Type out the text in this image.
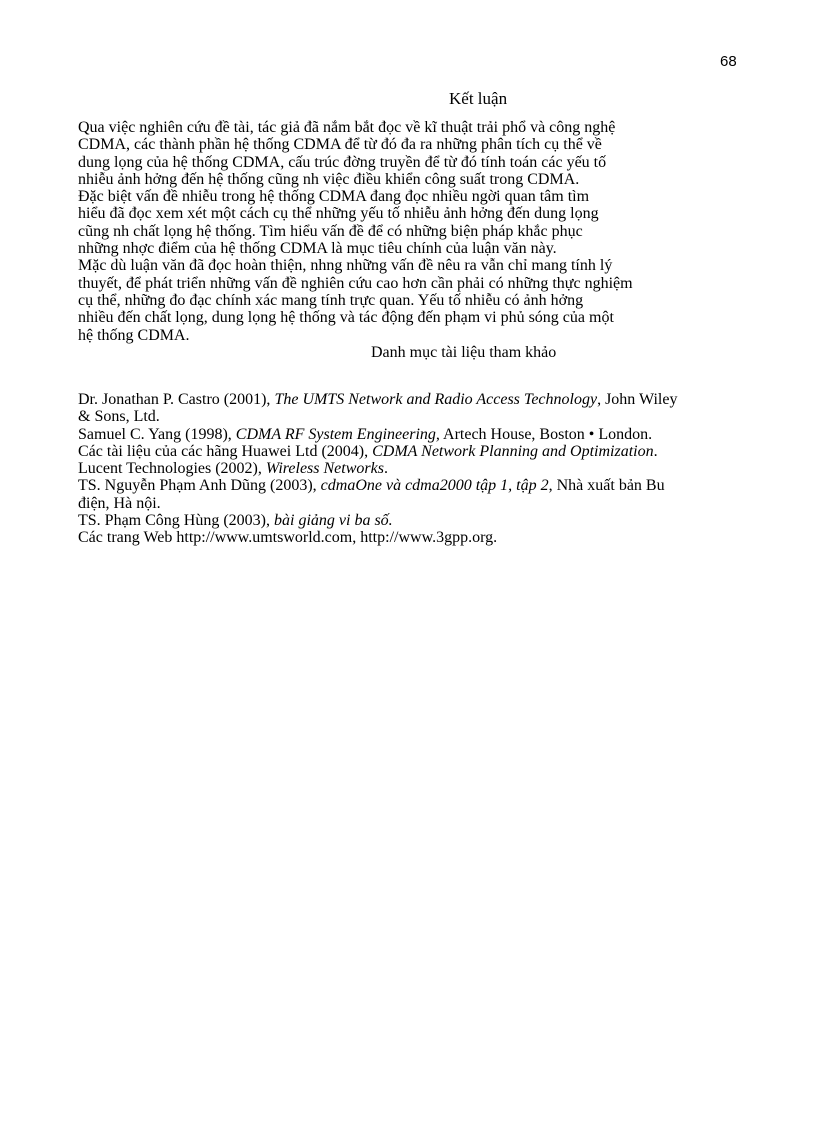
68
Kết luận
Qua việc nghiên cứu đề tài, tác giả đã nắm bắt đọc về kĩ thuật trải phổ và công nghệ
CDMA, các thành phần hệ thống CDMA để từ đó đa ra những phân tích cụ thể về
dung lọng của hệ thống CDMA, cấu trúc đờng truyền để từ đó tính toán các yếu tố
nhiễu ảnh hởng đến hệ thống cũng nh việc điều khiển công suất trong CDMA.
Đặc biệt vấn đề nhiễu trong hệ thống CDMA đang đọc nhiều ngời quan tâm tìm
hiểu đã đọc xem xét một cách cụ thể những yếu tố nhiễu ảnh hởng đến dung lọng
cũng nh chất lọng hệ thống. Tìm hiểu vấn đề để có những biện pháp khắc phục
những nhợc điểm của hệ thống CDMA là mục tiêu chính của luận văn này.
Mặc dù luận văn đã đọc hoàn thiện, nhng những vấn đề nêu ra vẫn chỉ mang tính lý
thuyết, để phát triển những vấn đề nghiên cứu cao hơn cần phải có những thực nghiệm
cụ thể, những đo đạc chính xác mang tính trực quan. Yếu tố nhiễu có ảnh hởng
nhiều đến chất lọng, dung lọng hệ thống và tác động đến phạm vi phủ sóng của một
hệ thống CDMA.
Danh mục tài liệu tham khảo
Dr. Jonathan P. Castro (2001), The UMTS Network and Radio Access Technology, John Wiley
& Sons, Ltd.
Samuel C. Yang (1998), CDMA RF System Engineering, Artech House, Boston • London.
Các tài liệu của các hãng Huawei Ltd (2004), CDMA Network Planning and Optimization.
Lucent Technologies (2002), Wireless Networks.
TS. Nguyễn Phạm Anh Dũng (2003), cdmaOne và cdma2000 tập 1, tập 2, Nhà xuất bản Bu
điện, Hà nội.
TS. Phạm Công Hùng (2003), bài giảng vi ba số.
Các trang Web http://www.umtsworld.com, http://www.3gpp.org.
